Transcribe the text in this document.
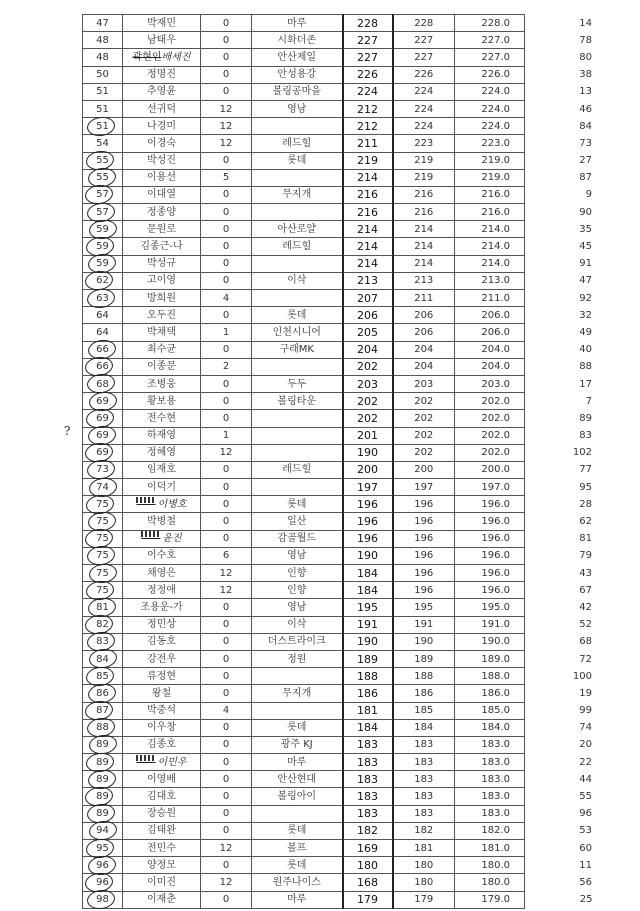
47	박재민	0	마루	228	228	228.0	14
48	남태우	0	시화더존	227	227	227.0	78
48	곽현인배세진	0	안산제일	227	227	227.0	80
50	정명진	0	안성용강	226	226	226.0	38
51	추영윤	0	볼링공마을	224	224	224.0	13
51	선귀덕	12	영남	212	224	224.0	46
51	나경미	12		212	224	224.0	84
54	이경숙	12	레드힐	211	223	223.0	73
55	박성진	0	롯데	219	219	219.0	27
55	이용선	5		214	219	219.0	87
57	이대열	0	무지개	216	216	216.0	9
57	정종양	0		216	216	216.0	90
59	문원로	0	아산로얄	214	214	214.0	35
59	김종근-나	0	레드힐	214	214	214.0	45
59	박성규	0		214	214	214.0	91
62	고이영	0	이삭	213	213	213.0	47
63	방희원	4		207	211	211.0	92
64	오두진	0	롯데	206	206	206.0	32
64	박채택	1	인천시니어	205	206	206.0	49
66	최수균	0	구래MK	204	204	204.0	40
66	이종문	2		202	204	204.0	88
68	조병웅	0	두두	203	203	203.0	17
69	황보용	0	볼링타운	202	202	202.0	7
69	전수현	0		202	202	202.0	89
69	하재영	1		201	202	202.0	83
69	정혜영	12		190	202	202.0	102
73	임재호	0	레드힐	200	200	200.0	77
74	이덕기	0		197	197	197.0	95
75	이병호	0	롯데	196	196	196.0	28
75	박병철	0	일산	196	196	196.0	62
75	윤진	0	감골월드	196	196	196.0	81
75	이수호	6	영남	190	196	196.0	79
75	채영은	12	인향	184	196	196.0	43
75	정정애	12	인향	184	196	196.0	67
81	조용운-가	0	영남	195	195	195.0	42
82	정민상	0	이삭	191	191	191.0	52
83	김동호	0	더스트라이크	190	190	190.0	68
84	강전우	0	정원	189	189	189.0	72
85	류정현	0		188	188	188.0	100
86	왕철	0	무지개	186	186	186.0	19
87	박중석	4		181	185	185.0	99
88	이우창	0	롯데	184	184	184.0	74
89	김종호	0	광주 KJ	183	183	183.0	20
89	이민우	0	마루	183	183	183.0	22
89	이영배	0	안산현대	183	183	183.0	44
89	김대호	0	볼링아이	183	183	183.0	55
89	장승원	0		183	183	183.0	96
94	김태완	0	롯데	182	182	182.0	53
95	전민수	12	볼프	169	181	181.0	60
96	양정모	0	롯데	180	180	180.0	11
96	이미진	12	원주나이스	168	180	180.0	56
98	이재춘	0	마루	179	179	179.0	25
?
